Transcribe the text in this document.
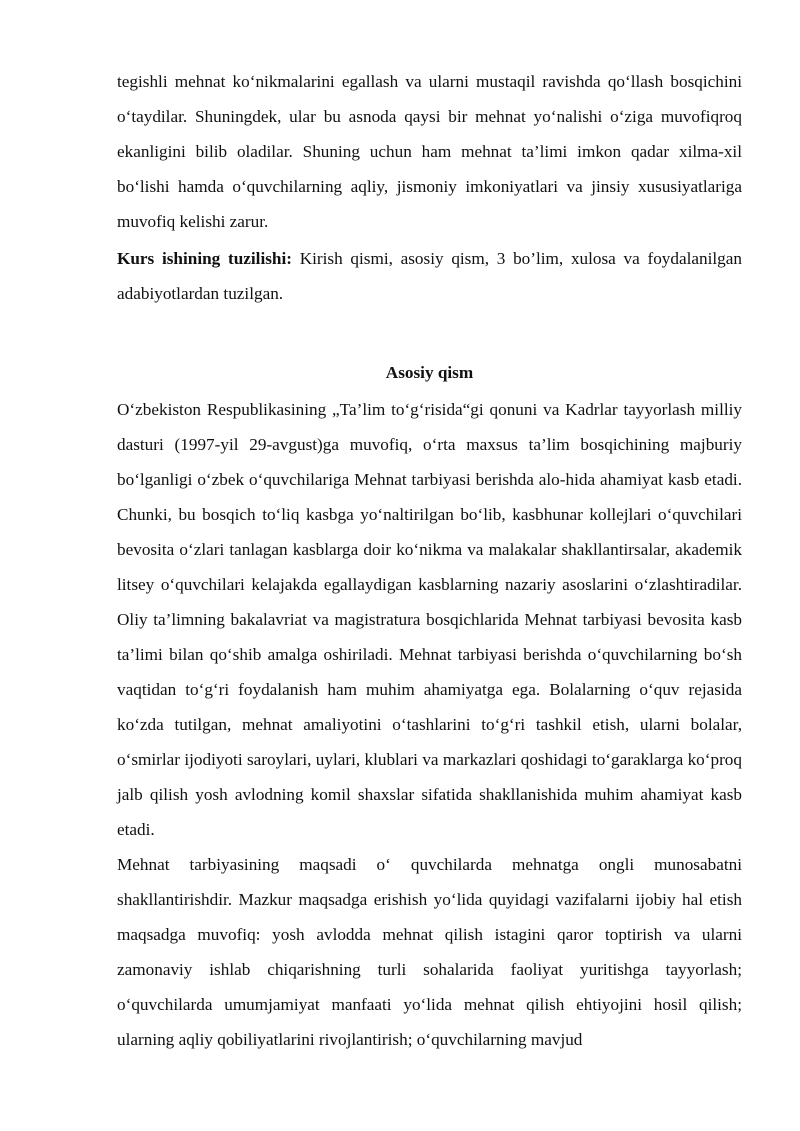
tegishli mehnat ko‘nikmalarini egallash va ularni mustaqil ravishda qo‘llash bosqichini o‘taydilar. Shuningdek, ular bu asnoda qaysi bir mehnat yo‘nalishi o‘ziga muvofiqroq ekanligini bilib oladilar. Shuning uchun ham mehnat ta’limi imkon qadar xilma-xil bo‘lishi hamda o‘quvchilarning aqliy, jismoniy imkoniyatlari va jinsiy xususiyatlariga muvofiq kelishi zarur.

Kurs ishining tuzilishi: Kirish qismi, asosiy qism, 3 bo’lim, xulosa va foydalanilgan adabiyotlardan tuzilgan.

Asosiy qism

O‘zbekiston Respublikasining „Ta’lim to‘g‘risida“gi qonuni va Kadrlar tayyorlash milliy dasturi (1997-yil 29-avgust)ga muvofiq, o‘rta maxsus ta’lim bosqichining majburiy bo‘lganligi o‘zbek o‘quvchilariga Mehnat tarbiyasi berishda alo-hida ahamiyat kasb etadi. Chunki, bu bosqich to‘liq kasbga yo‘naltirilgan bo‘lib, kasbhunar kollejlari o‘quvchilari bevosita o‘zlari tanlagan kasblarga doir ko‘nikma va malakalar shakllantirsalar, akademik litsey o‘quvchilari kelajakda egallaydigan kasblarning nazariy asoslarini o‘zlashtiradilar. Oliy ta’limning bakalavriat va magistratura bosqichlarida Mehnat tarbiyasi bevosita kasb ta’limi bilan qo‘shib amalga oshiriladi. Mehnat tarbiyasi berishda o‘quvchilarning bo‘sh vaqtidan to‘g‘ri foydalanish ham muhim ahamiyatga ega. Bolalarning o‘quv rejasida ko‘zda tutilgan, mehnat amaliyotini o‘tashlarini to‘g‘ri tashkil etish, ularni bolalar, o‘smirlar ijodiyoti saroylari, uylari, klublari va markazlari qoshidagi to‘garaklarga ko‘proq jalb qilish yosh avlodning komil shaxslar sifatida shakllanishida muhim ahamiyat kasb etadi.

Mehnat tarbiyasining maqsadi o‘ quvchilarda mehnatga ongli munosabatni shakllantirishdir. Mazkur maqsadga erishish yo‘lida quyidagi vazifalarni ijobiy hal etish maqsadga muvofiq: yosh avlodda mehnat qilish istagini qaror toptirish va ularni zamonaviy ishlab chiqarishning turli sohalarida faoliyat yuritishga tayyorlash; o‘quvchilarda umumjamiyat manfaati yo‘lida mehnat qilish ehtiyojini hosil qilish; ularning aqliy qobiliyatlarini rivojlantirish; o‘quvchilarning mavjud
